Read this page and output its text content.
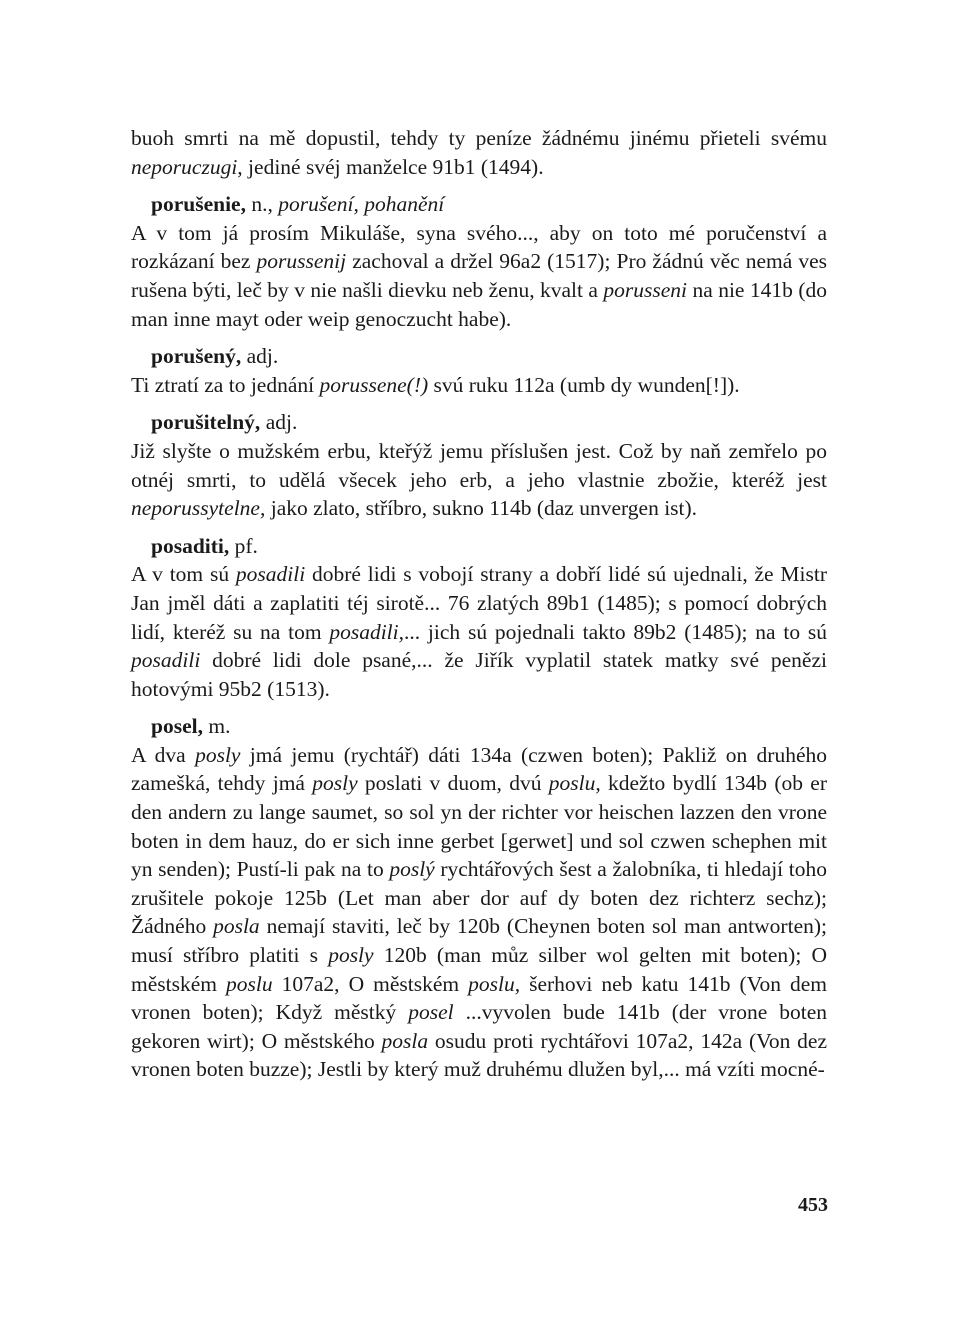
buoh smrti na mě dopustil, tehdy ty peníze žádnému jinému přieteli svému neporuczugi, jediné svéj manželce 91b1 (1494).

porušenie, n., porušení, pohanění

A v tom já prosím Mikuláše, syna svého..., aby on toto mé poručenství a rozkázaní bez porussenij zachoval a držel 96a2 (1517); Pro žádnú věc nemá ves rušena býti, leč by v nie našli dievku neb ženu, kvalt a porusseni na nie 141b (do man inne mayt oder weip genoczucht habe).

porušený, adj.

Ti ztratí za to jednání porussene(!) svú ruku 112a (umb dy wunden[!]).

porušitelný, adj.

Již slyšte o mužském erbu, kteřýž jemu příslušen jest. Což by naň zemřelo po otnéj smrti, to udělá všecek jeho erb, a jeho vlastnie zbožie, kteréž jest neporussytelne, jako zlato, stříbro, sukno 114b (daz unvergen ist).

posaditi, pf.

A v tom sú posadili dobré lidi s vobojí strany a dobří lidé sú ujednali, že Mistr Jan jměl dáti a zaplatiti téj sirotě... 76 zlatých 89b1 (1485); s pomocí dobrých lidí, kteréž su na tom posadili,... jich sú pojednali takto 89b2 (1485); na to sú posadili dobré lidi dole psané,... že Jiřík vyplatil statek matky své penězi hotovými 95b2 (1513).

posel, m.

A dva posly jmá jemu (rychtář) dáti 134a (czwen boten); Pakliž on druhého zamešká, tehdy jmá posly poslati v duom, dvú poslu, kdežto bydlí 134b (ob er den andern zu lange saumet, so sol yn der richter vor heischen lazzen den vrone boten in dem hauz, do er sich inne gerbet [gerwet] und sol czwen schephen mit yn senden); Pustí-li pak na to poslý rychtářových šest a žalobníka, ti hledají toho zrušitele pokoje 125b (Let man aber dor auf dy boten dez richterz sechz); Žádného posla nemají staviti, leč by 120b (Cheynen boten sol man antworten); musí stříbro platiti s posly 120b (man můz silber wol gelten mit boten); O městském poslu 107a2, O městském poslu, šerhovi neb katu 141b (Von dem vronen boten); Když městký posel ...vyvolen bude 141b (der vrone boten gekoren wirt); O městského posla osudu proti rychtářovi 107a2, 142a (Von dez vronen boten buzze); Jestli by který muž druhému dlužen byl,... má vzíti mocné-

453
